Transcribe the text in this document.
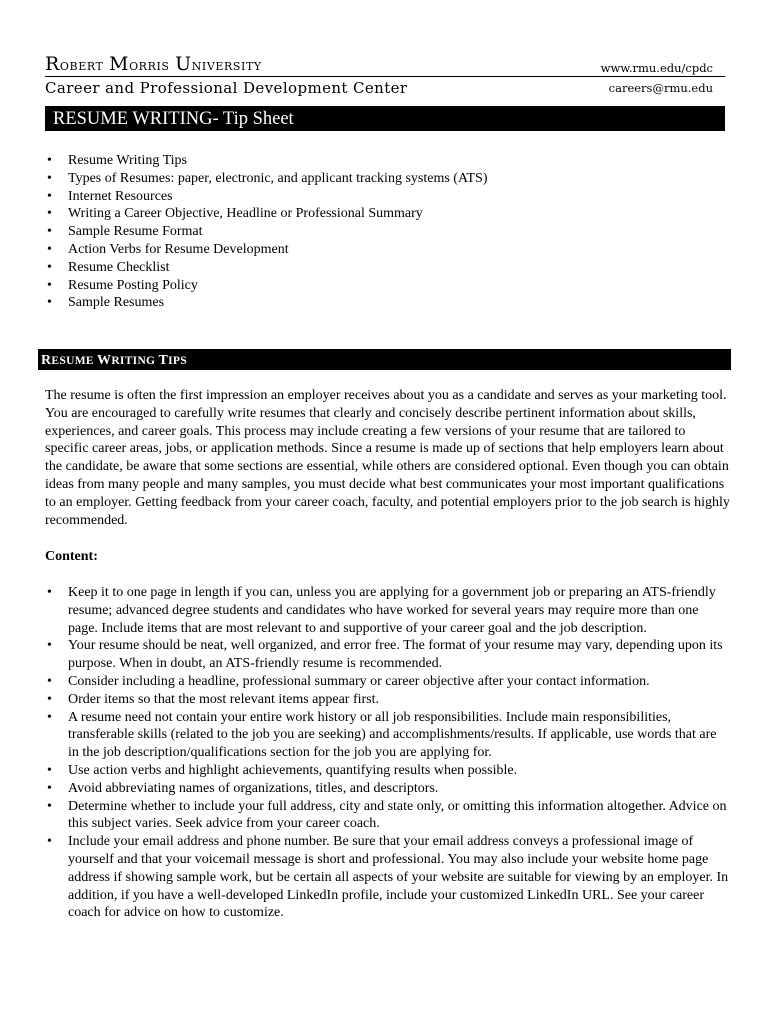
Robert Morris University	www.rmu.edu/cpdc
Career and Professional Development Center	careers@rmu.edu
RESUME WRITING- Tip Sheet
• Resume Writing Tips
• Types of Resumes: paper, electronic, and applicant tracking systems (ATS)
• Internet Resources
• Writing a Career Objective, Headline or Professional Summary
• Sample Resume Format
• Action Verbs for Resume Development
• Resume Checklist
• Resume Posting Policy
• Sample Resumes
RESUME WRITING TIPS

The resume is often the first impression an employer receives about you as a candidate and serves as your marketing tool. You are encouraged to carefully write resumes that clearly and concisely describe pertinent information about skills, experiences, and career goals. This process may include creating a few versions of your resume that are tailored to specific career areas, jobs, or application methods. Since a resume is made up of sections that help employers learn about the candidate, be aware that some sections are essential, while others are considered optional. Even though you can obtain ideas from many people and many samples, you must decide what best communicates your most important qualifications to an employer. Getting feedback from your career coach, faculty, and potential employers prior to the job search is highly recommended.

Content:

• Keep it to one page in length if you can, unless you are applying for a government job or preparing an ATS-friendly resume; advanced degree students and candidates who have worked for several years may require more than one page. Include items that are most relevant to and supportive of your career goal and the job description.
• Your resume should be neat, well organized, and error free. The format of your resume may vary, depending upon its purpose. When in doubt, an ATS-friendly resume is recommended.
• Consider including a headline, professional summary or career objective after your contact information.
• Order items so that the most relevant items appear first.
• A resume need not contain your entire work history or all job responsibilities. Include main responsibilities, transferable skills (related to the job you are seeking) and accomplishments/results. If applicable, use words that are in the job description/qualifications section for the job you are applying for.
• Use action verbs and highlight achievements, quantifying results when possible.
• Avoid abbreviating names of organizations, titles, and descriptors.
• Determine whether to include your full address, city and state only, or omitting this information altogether. Advice on this subject varies. Seek advice from your career coach.
• Include your email address and phone number. Be sure that your email address conveys a professional image of yourself and that your voicemail message is short and professional. You may also include your website home page address if showing sample work, but be certain all aspects of your website are suitable for viewing by an employer. In addition, if you have a well-developed LinkedIn profile, include your customized LinkedIn URL. See your career coach for advice on how to customize.
